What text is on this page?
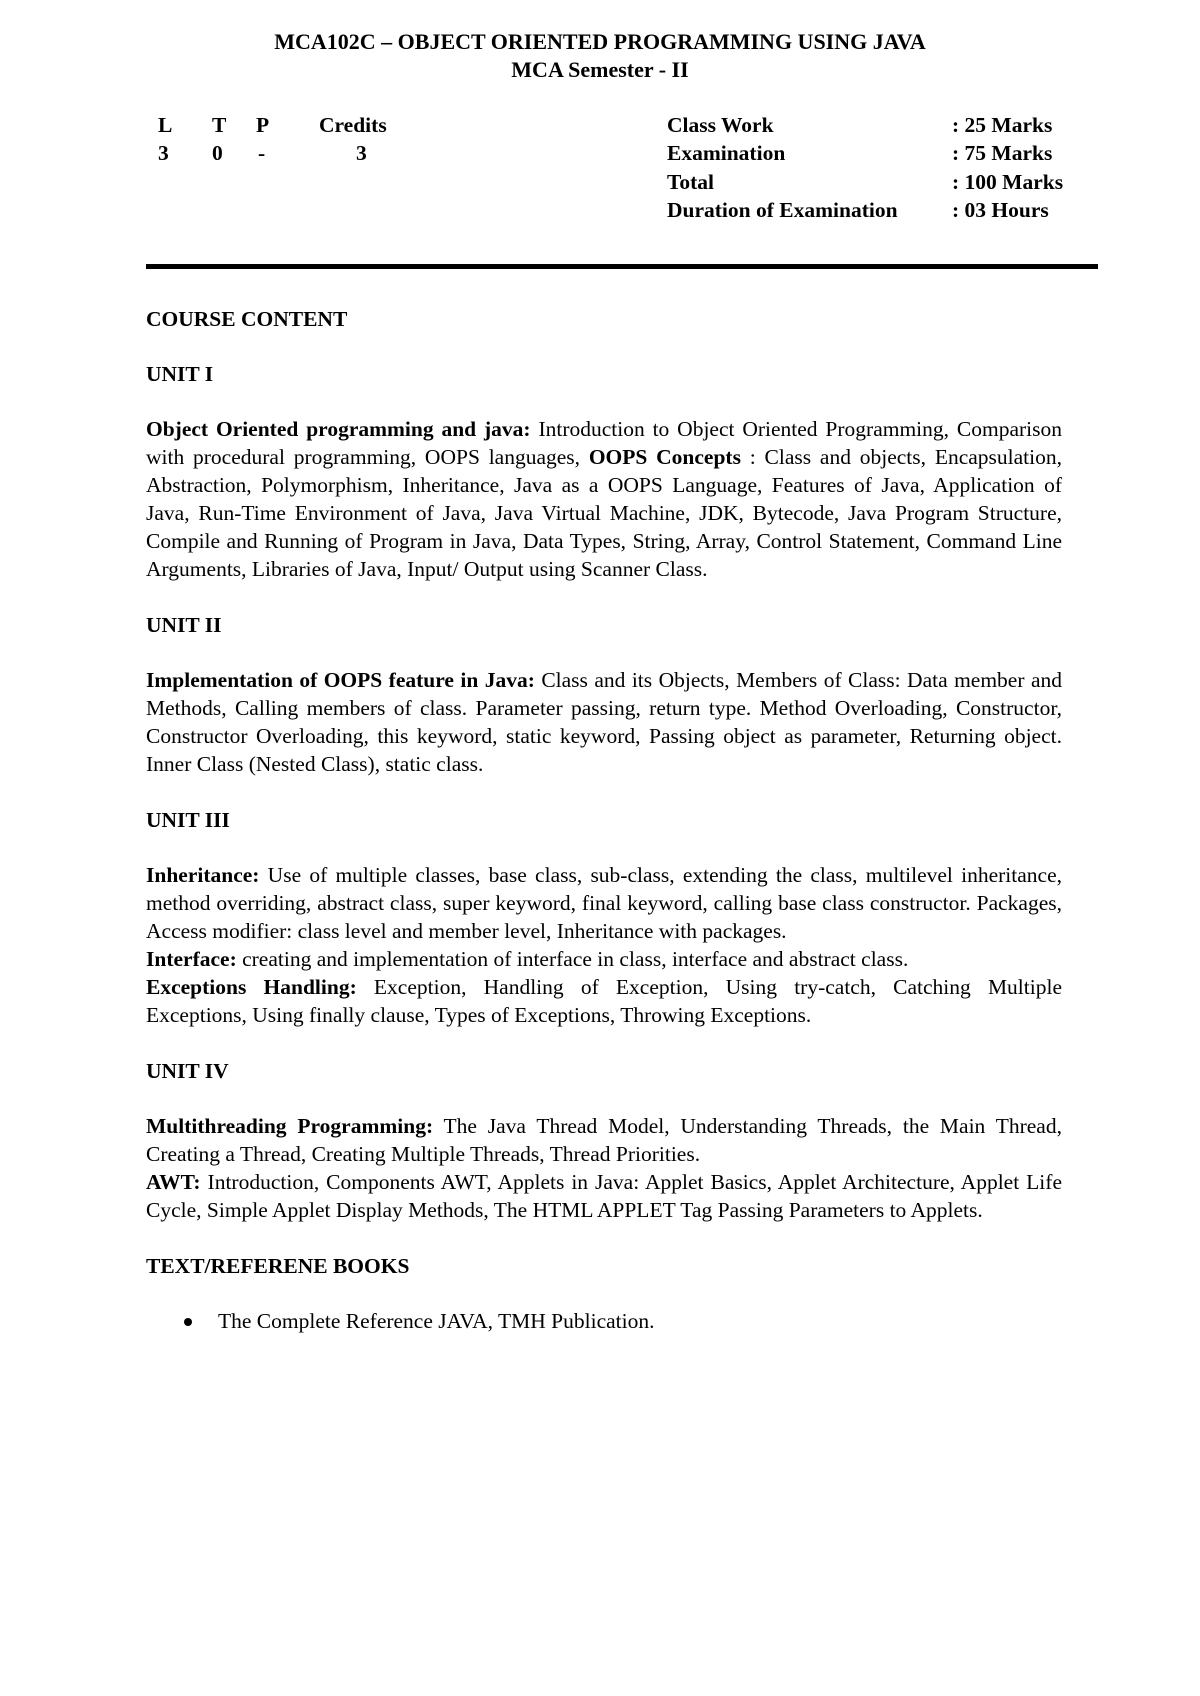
MCA102C – OBJECT ORIENTED PROGRAMMING USING JAVA
MCA Semester - II
L T P Credits
3 0 -	3
Class Work	: 25 Marks
Examination	: 75 Marks
Total	: 100 Marks
Duration of Examination	: 03 Hours
COURSE CONTENT
UNIT I

Object Oriented programming and java: Introduction to Object Oriented Programming, Comparison with procedural programming, OOPS languages, OOPS Concepts : Class and objects, Encapsulation, Abstraction, Polymorphism, Inheritance, Java as a OOPS Language, Features of Java, Application of Java, Run-Time Environment of Java, Java Virtual Machine, JDK, Bytecode, Java Program Structure, Compile and Running of Program in Java, Data Types, String, Array, Control Statement, Command Line Arguments, Libraries of Java, Input/ Output using Scanner Class.

UNIT II

Implementation of OOPS feature in Java: Class and its Objects, Members of Class: Data member and Methods, Calling members of class. Parameter passing, return type. Method Overloading, Constructor, Constructor Overloading, this keyword, static keyword, Passing object as parameter, Returning object. Inner Class (Nested Class), static class.

UNIT III

Inheritance: Use of multiple classes, base class, sub-class, extending the class, multilevel inheritance, method overriding, abstract class, super keyword, final keyword, calling base class constructor. Packages, Access modifier: class level and member level, Inheritance with packages.

Interface: creating and implementation of interface in class, interface and abstract class.

Exceptions Handling: Exception, Handling of Exception, Using try-catch, Catching Multiple Exceptions, Using finally clause, Types of Exceptions, Throwing Exceptions.

UNIT IV

Multithreading Programming: The Java Thread Model, Understanding Threads, the Main Thread, Creating a Thread, Creating Multiple Threads, Thread Priorities.

AWT: Introduction, Components AWT, Applets in Java: Applet Basics, Applet Architecture, Applet Life Cycle, Simple Applet Display Methods, The HTML APPLET Tag Passing Parameters to Applets.

TEXT/REFERENE BOOKS
The Complete Reference JAVA, TMH Publication.
